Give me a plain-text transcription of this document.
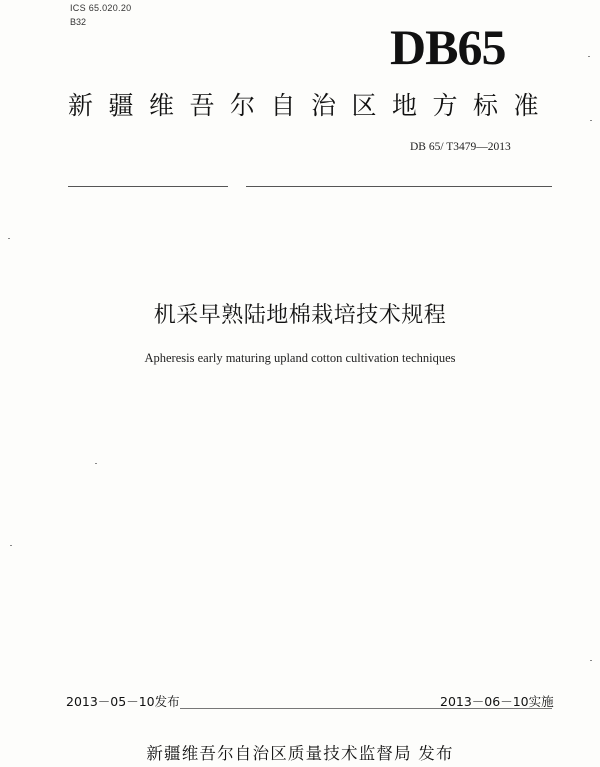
ICS 65.020.20
B32	DB65
新疆维吾尔自治区地方标准
DB 65/ T3479—2013
机采早熟陆地棉栽培技术规程
Apheresis early maturing upland cotton cultivation techniques
2013－05－10发布	2013－06－10实施
新疆维吾尔自治区质量技术监督局 发布
